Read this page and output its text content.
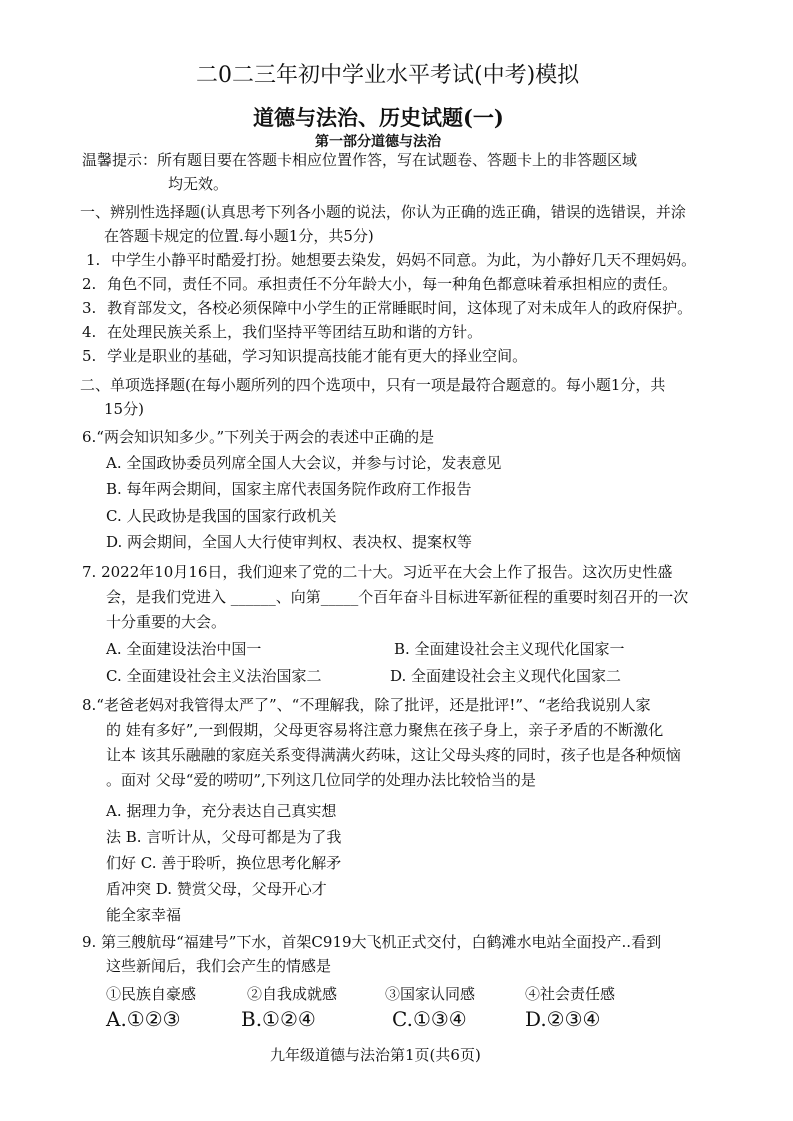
二0二三年初中学业水平考试(中考)模拟
道德与法治、历史试题(一)
第一部分道德与法治
温馨提示：所有题目要在答题卡相应位置作答，写在试题卷、答题卡上的非答题区域
均无效。
一、辨别性选择题(认真思考下列各小题的说法，你认为正确的选正确，错误的选错误，并涂
在答题卡规定的位置.每小题1分，共5分)
1. 中学生小静平时酷爱打扮。她想要去染发，妈妈不同意。为此，为小静好几天不理妈妈。
2. 角色不同，责任不同。承担责任不分年龄大小，每一种角色都意味着承担相应的责任。
3. 教育部发文，各校必须保障中小学生的正常睡眠时间，这体现了对未成年人的政府保护。
4. 在处理民族关系上，我们坚持平等团结互助和谐的方针。
5. 学业是职业的基础，学习知识提高技能才能有更大的择业空间。
二、单项选择题(在每小题所列的四个选项中，只有一项是最符合题意的。每小题1分，共
15分)
6.“两会知识知多少。”下列关于两会的表述中正确的是
A. 全国政协委员列席全国人大会议，并参与讨论，发表意见
B. 每年两会期间，国家主席代表国务院作政府工作报告
C. 人民政协是我国的国家行政机关
D. 两会期间，全国人大行使审判权、表决权、提案权等
7. 2022年10月16日，我们迎来了党的二十大。习近平在大会上作了报告。这次历史性盛
会，是我们党进入 ______、向第_____个百年奋斗目标进军新征程的重要时刻召开的一次
十分重要的大会。
A. 全面建设法治中国一	B. 全面建设社会主义现代化国家一
C. 全面建设社会主义法治国家二	D. 全面建设社会主义现代化国家二
8.“老爸老妈对我管得太严了”、“不理解我，除了批评，还是批评!”、“老给我说别人家
的 娃有多好”,一到假期，父母更容易将注意力聚焦在孩子身上，亲子矛盾的不断激化
让本 该其乐融融的家庭关系变得满满火药味，这让父母头疼的同时，孩子也是各种烦恼
。面对 父母“爱的唠叨”,下列这几位同学的处理办法比较恰当的是
A. 据理力争，充分表达自己真实想
法 B. 言听计从，父母可都是为了我
们好 C. 善于聆听，换位思考化解矛
盾冲突 D. 赞赏父母，父母开心才
能全家幸福
9. 第三艘航母“福建号”下水，首架C919大飞机正式交付，白鹤滩水电站全面投产..看到
这些新闻后，我们会产生的情感是
①民族自豪感	②自我成就感	③国家认同感	④社会责任感
A.①②③	B.①②④	C.①③④	D.②③④
九年级道德与法治第1页(共6页)
